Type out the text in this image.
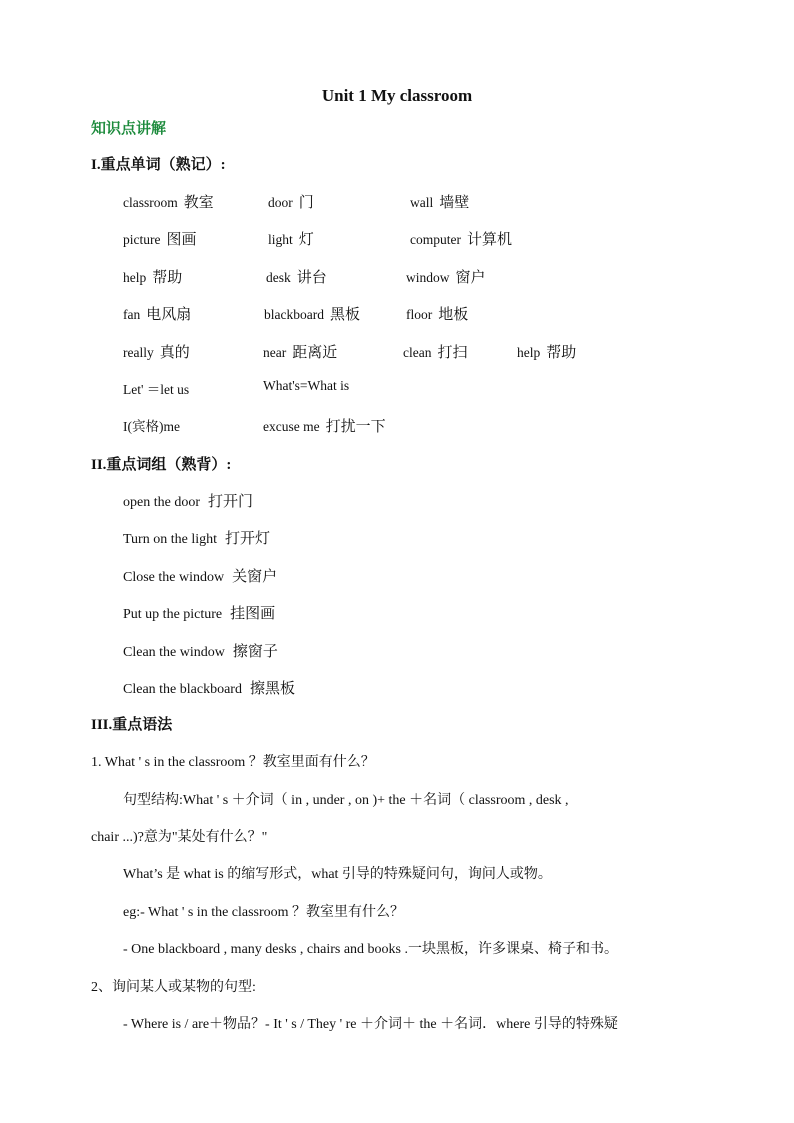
Unit 1 My classroom
知识点讲解
I.重点单词（熟记）:
classroom 教室	door 门	wall 墙壁
picture 图画	light 灯	computer 计算机
help 帮助	desk 讲台	window 窗户
fan 电风扇	blackboard 黑板	floor 地板
really 真的	near 距离近	clean 打扫	help 帮助
Let' ＝let us	What's=What is
I(宾格)me	excuse me 打扰一下
II.重点词组（熟背）:
open the door 打开门
Turn on the light 打开灯
Close the window 关窗户
Put up the picture 挂图画
Clean the window 擦窗子
Clean the blackboard 擦黑板
III.重点语法
1. What ' s in the classroom ？教室里面有什么？
句型结构:What ' s ＋介词（ in , under , on )+ the ＋名词（ classroom , desk ,
chair ...)?意为"某处有什么？"
What’s 是 what is 的缩写形式，what 引导的特殊疑问句，询问人或物。
eg:- What ' s in the classroom ？教室里有什么？
- One blackboard , many desks , chairs and books .一块黑板，许多课桌、椅子和书。
2、询问某人或某物的句型:
- Where is / are＋物品？- It ' s / They ' re ＋介词＋ the ＋名词．where 引导的特殊疑
